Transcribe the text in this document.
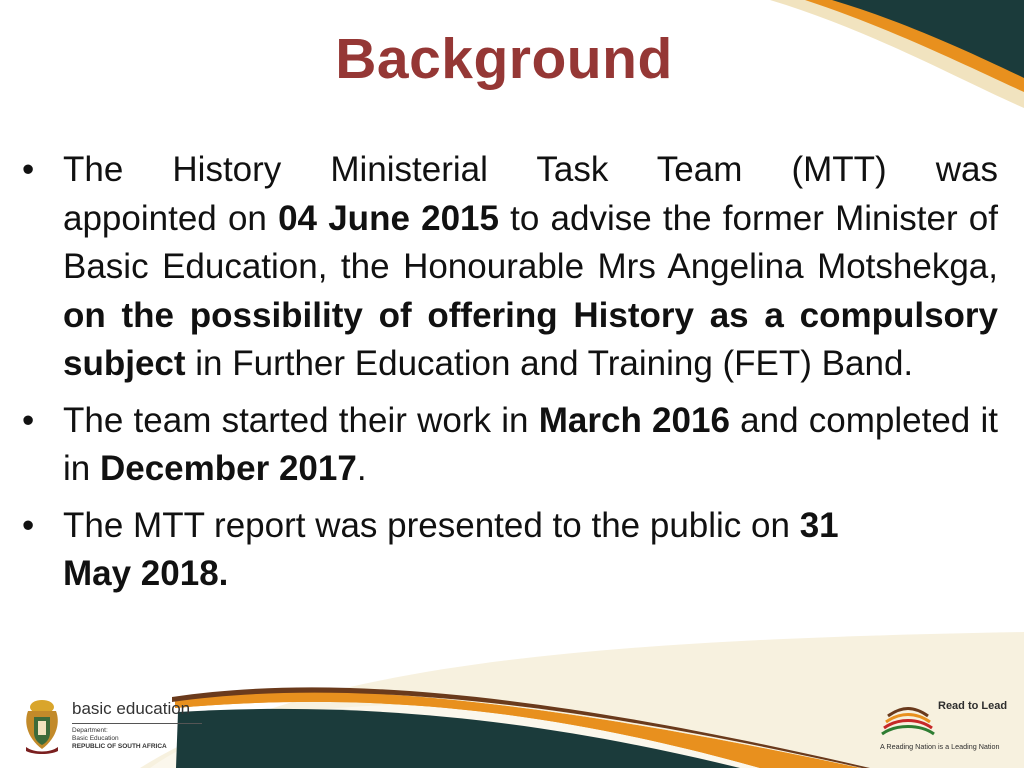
Background
• The History Ministerial Task Team (MTT) was
appointed on 04 June 2015 to advise the former Minister of Basic Education, the Honourable Mrs Angelina Motshekga, on the possibility of offering History as a compulsory subject in Further Education and Training (FET) Band.
• The team started their work in March 2016 and completed it in December 2017.
• The MTT report was presented to the public on 31
May 2018.
basic education
Department:
Basic Education
REPUBLIC OF SOUTH AFRICA
Read to Lead
A Reading Nation is a Leading Nation
